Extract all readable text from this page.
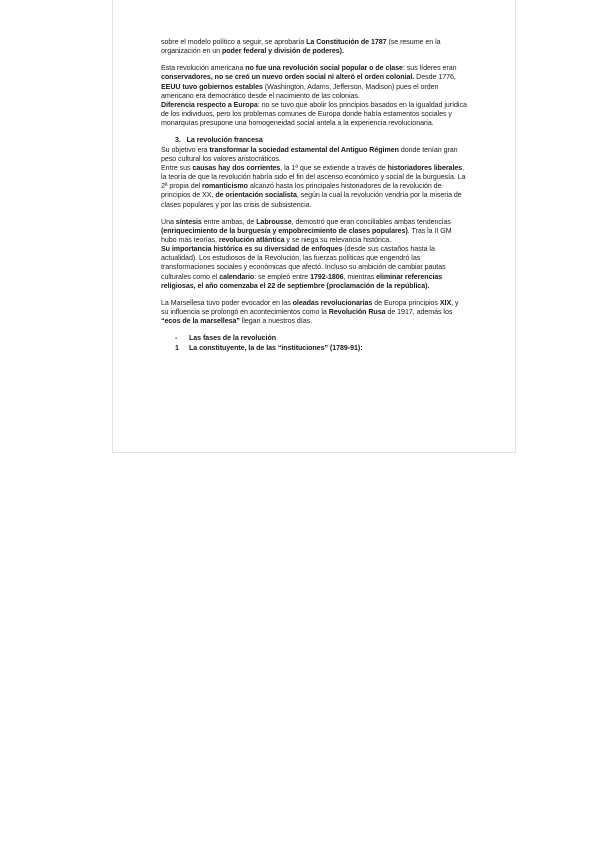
sobre el modelo político a seguir, se aprobaría La Constitución de 1787 (se resume en la organización en un poder federal y división de poderes).

Esta revolución americana no fue una revolución social popular o de clase: sus líderes eran conservadores, no se creó un nuevo orden social ni alteró el orden colonial. Desde 1776, EEUU tuvo gobiernos estables (Washington, Adams, Jefferson, Madison) pues el orden americano era democrático desde el nacimiento de las colonias.

Diferencia respecto a Europa: no se tuvo que abolir los principios basados en la igualdad jurídica de los individuos, pero los problemas comunes de Europa donde había estamentos sociales y monarquías presupone una homogeneidad social antela a la experiencia revolucionaria.

3. La revolución francesa

Su objetivo era transformar la sociedad estamental del Antiguo Régimen donde tenían gran peso cultural los valores aristocráticos.

Entre sus causas hay dos corrientes, la 1ª que se extiende a través de historiadores liberales, la teoría de que la revolución habría sido el fin del ascenso económico y social de la burguesía. La 2ª propia del romanticismo alcanzó hasta los principales historiadores de la revolución de principios de XX, de orientación socialista, según la cual la revolución vendría por la miseria de clases populares y por las crisis de subsistencia.

Una síntesis entre ambas, de Labrousse, demostró que eran conciliables ambas tendencias (enriquecimiento de la burguesía y empobrecimiento de clases populares). Tras la II GM hubo más teorías, revolución atlántica y se niega su relevancia histórica.

Su importancia histórica es su diversidad de enfoques (desde sus castaños hasta la actualidad). Los estudiosos de la Revolución, las fuerzas políticas que engendró las transformaciones sociales y económicas que afectó. Incluso su ambición de cambiar pautas culturales como el calendario: se empleó entre 1792-1806, mientras eliminar referencias religiosas, el año comenzaba el 22 de septiembre (proclamación de la república).

La Marsellesa tuvo poder evocador en las oleadas revolucionarias de Europa principios XIX, y su influencia se prolongó en acontecimientos como la Revolución Rusa de 1917, además los “ecos de la marsellesa” llegan a nuestros días.

- Las fases de la revolución

1 La constituyente, la de las “instituciones” (1789-91):
